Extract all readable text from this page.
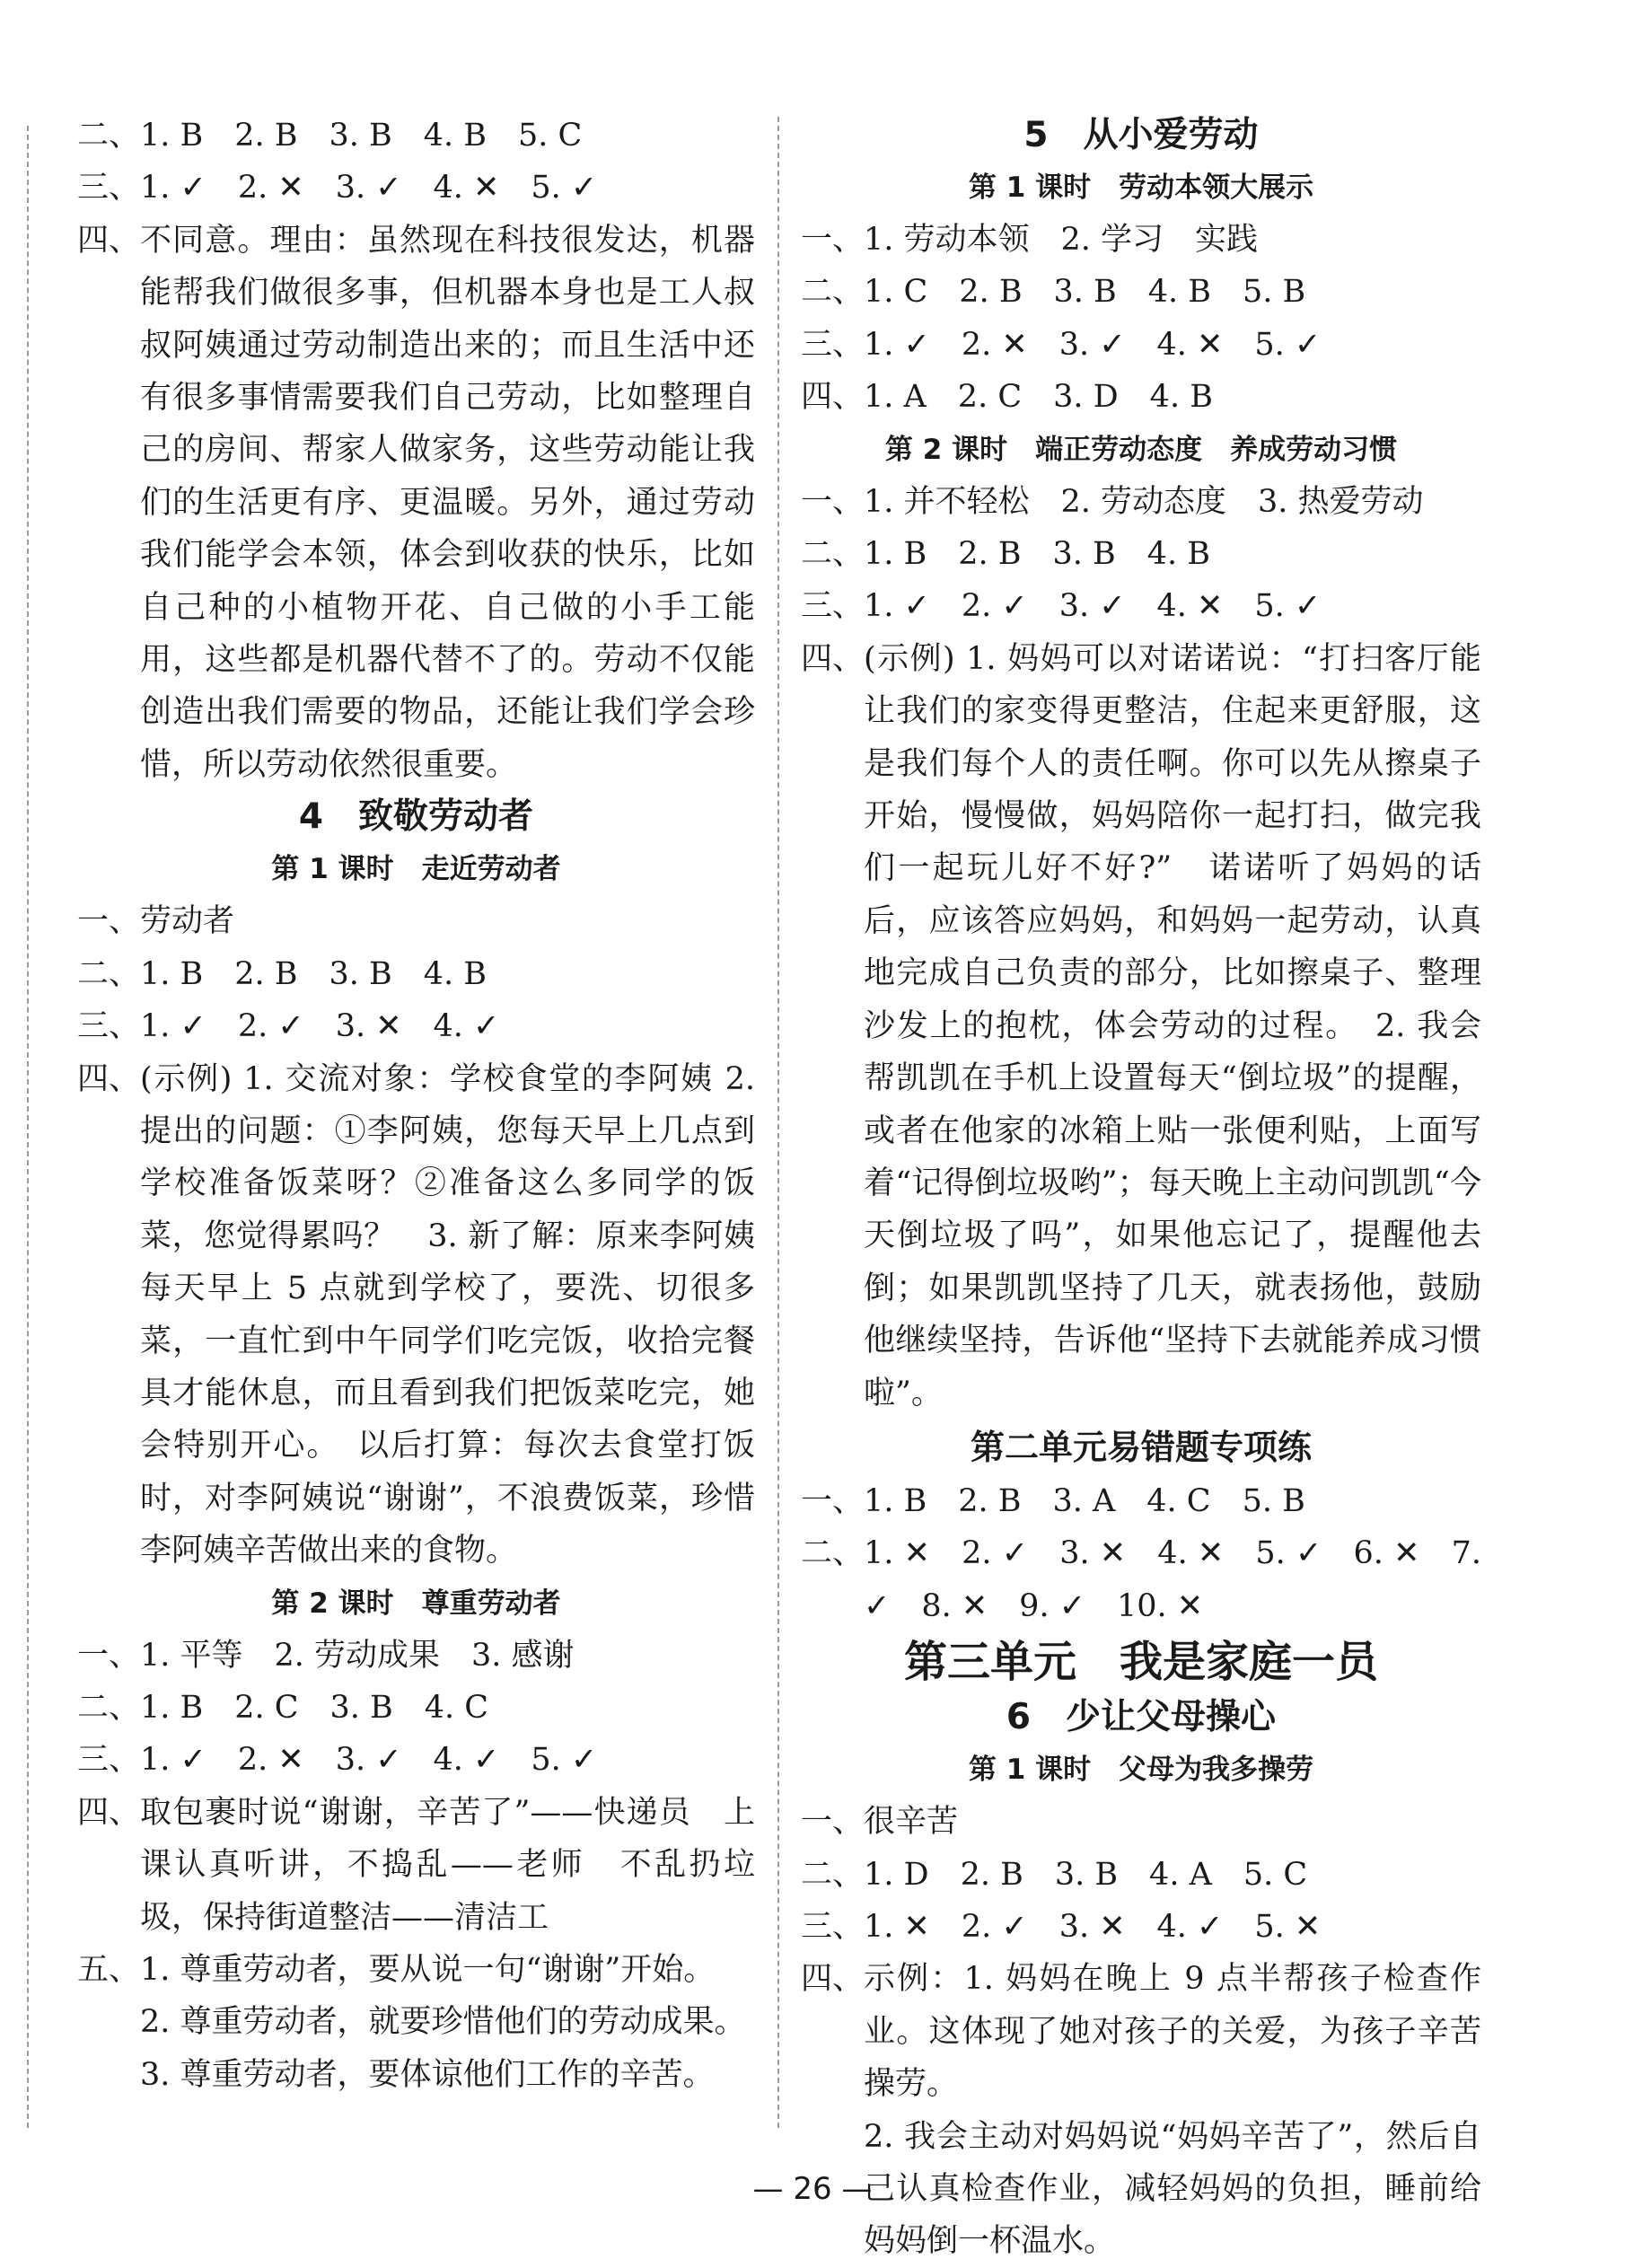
二、 1. B　2. B　3. B　4. B　5. C
三、 1. ✓　2. ✕　3. ✓　4. ✕　5. ✓
四、 不同意。理由：虽然现在科技很发达，机器能帮我们做很多事，但机器本身也是工人叔叔阿姨通过劳动制造出来的；而且生活中还有很多事情需要我们自己劳动，比如整理自己的房间、帮家人做家务，这些劳动能让我们的生活更有序、更温暖。另外，通过劳动我们能学会本领，体会到收获的快乐，比如自己种的小植物开花、自己做的小手工能用，这些都是机器代替不了的。劳动不仅能创造出我们需要的物品，还能让我们学会珍惜，所以劳动依然很重要。
4　致敬劳动者
第 1 课时　走近劳动者
一、 劳动者
二、 1. B　2. B　3. B　4. B
三、 1. ✓　2. ✓　3. ✕　4. ✓
四、 (示例) 1. 交流对象：学校食堂的李阿姨 2. 提出的问题：①李阿姨，您每天早上几点到学校准备饭菜呀？②准备这么多同学的饭菜，您觉得累吗？　3. 新了解：原来李阿姨每天早上 5 点就到学校了，要洗、切很多菜，一直忙到中午同学们吃完饭，收拾完餐具才能休息，而且看到我们把饭菜吃完，她会特别开心。　以后打算：每次去食堂打饭时，对李阿姨说“谢谢”，不浪费饭菜，珍惜李阿姨辛苦做出来的食物。
第 2 课时　尊重劳动者
一、 1. 平等　2. 劳动成果　3. 感谢
二、 1. B　2. C　3. B　4. C
三、 1. ✓　2. ✕　3. ✓　4. ✓　5. ✓
四、 取包裹时说“谢谢，辛苦了”——快递员　上课认真听讲，不捣乱——老师　不乱扔垃圾，保持街道整洁——清洁工
五、 1. 尊重劳动者，要从说一句“谢谢”开始。
2. 尊重劳动者，就要珍惜他们的劳动成果。
3. 尊重劳动者，要体谅他们工作的辛苦。
5　从小爱劳动
第 1 课时　劳动本领大展示
一、 1. 劳动本领　2. 学习　实践
二、 1. C　2. B　3. B　4. B　5. B
三、 1. ✓　2. ✕　3. ✓　4. ✕　5. ✓
四、 1. A　2. C　3. D　4. B
第 2 课时　端正劳动态度　养成劳动习惯
一、 1. 并不轻松　2. 劳动态度　3. 热爱劳动
二、 1. B　2. B　3. B　4. B
三、 1. ✓　2. ✓　3. ✓　4. ✕　5. ✓
四、 (示例) 1. 妈妈可以对诺诺说：“打扫客厅能让我们的家变得更整洁，住起来更舒服，这是我们每个人的责任啊。你可以先从擦桌子开始，慢慢做，妈妈陪你一起打扫，做完我们一起玩儿好不好?”　诺诺听了妈妈的话后，应该答应妈妈，和妈妈一起劳动，认真地完成自己负责的部分，比如擦桌子、整理沙发上的抱枕，体会劳动的过程。　2. 我会帮凯凯在手机上设置每天“倒垃圾”的提醒，或者在他家的冰箱上贴一张便利贴，上面写着“记得倒垃圾哟”；每天晚上主动问凯凯“今天倒垃圾了吗”，如果他忘记了，提醒他去倒；如果凯凯坚持了几天，就表扬他，鼓励他继续坚持，告诉他“坚持下去就能养成习惯啦”。
第二单元易错题专项练
一、 1. B　2. B　3. A　4. C　5. B
二、 1. ✕　2. ✓　3. ✕　4. ✕　5. ✓　6. ✕　7. ✓　8. ✕　9. ✓　10. ✕
第三单元　我是家庭一员
6　少让父母操心
第 1 课时　父母为我多操劳
一、 很辛苦
二、 1. D　2. B　3. B　4. A　5. C
三、 1. ✕　2. ✓　3. ✕　4. ✓　5. ✕
四、 示例：1. 妈妈在晚上 9 点半帮孩子检查作业。这体现了她对孩子的关爱，为孩子辛苦操劳。
2. 我会主动对妈妈说“妈妈辛苦了”，然后自己认真检查作业，减轻妈妈的负担，睡前给妈妈倒一杯温水。
— 26 —
